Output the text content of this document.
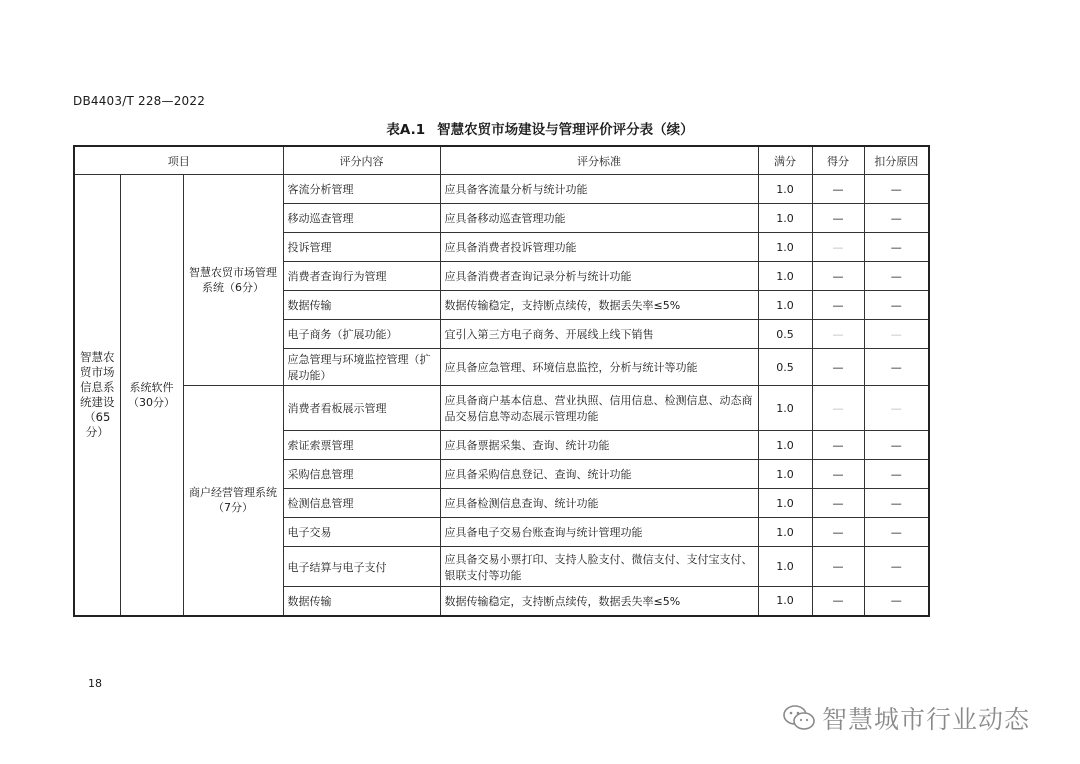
DB4403/T 228—2022
表A.1 智慧农贸市场建设与管理评价评分表（续）
项目			评分内容	评分标准	满分	得分	扣分原因
智慧农贸市场信息系统建设（65分）	系统软件（30分）	智慧农贸市场管理系统（6分）	客流分析管理	应具备客流量分析与统计功能	1.0	—	—
			移动巡查管理	应具备移动巡查管理功能	1.0	—	—
			投诉管理	应具备消费者投诉管理功能	1.0	—	—
			消费者查询行为管理	应具备消费者查询记录分析与统计功能	1.0	—	—
			数据传输	数据传输稳定，支持断点续传，数据丢失率≤5%	1.0	—	—
			电子商务（扩展功能）	宜引入第三方电子商务、开展线上线下销售	0.5	—	—
			应急管理与环境监控管理（扩展功能）	应具备应急管理、环境信息监控，分析与统计等功能	0.5	—	—
		商户经营管理系统（7分）	消费者看板展示管理	应具备商户基本信息、营业执照、信用信息、检测信息、动态商品交易信息等动态展示管理功能	1.0	—	—
			索证索票管理	应具备票据采集、查询、统计功能	1.0	—	—
			采购信息管理	应具备采购信息登记、查询、统计功能	1.0	—	—
			检测信息管理	应具备检测信息查询、统计功能	1.0	—	—
			电子交易	应具备电子交易台账查询与统计管理功能	1.0	—	—
			电子结算与电子支付	应具备交易小票打印、支持人脸支付、微信支付、支付宝支付、银联支付等功能	1.0	—	—
			数据传输	数据传输稳定，支持断点续传，数据丢失率≤5%	1.0	—	—
18
智慧城市行业动态
